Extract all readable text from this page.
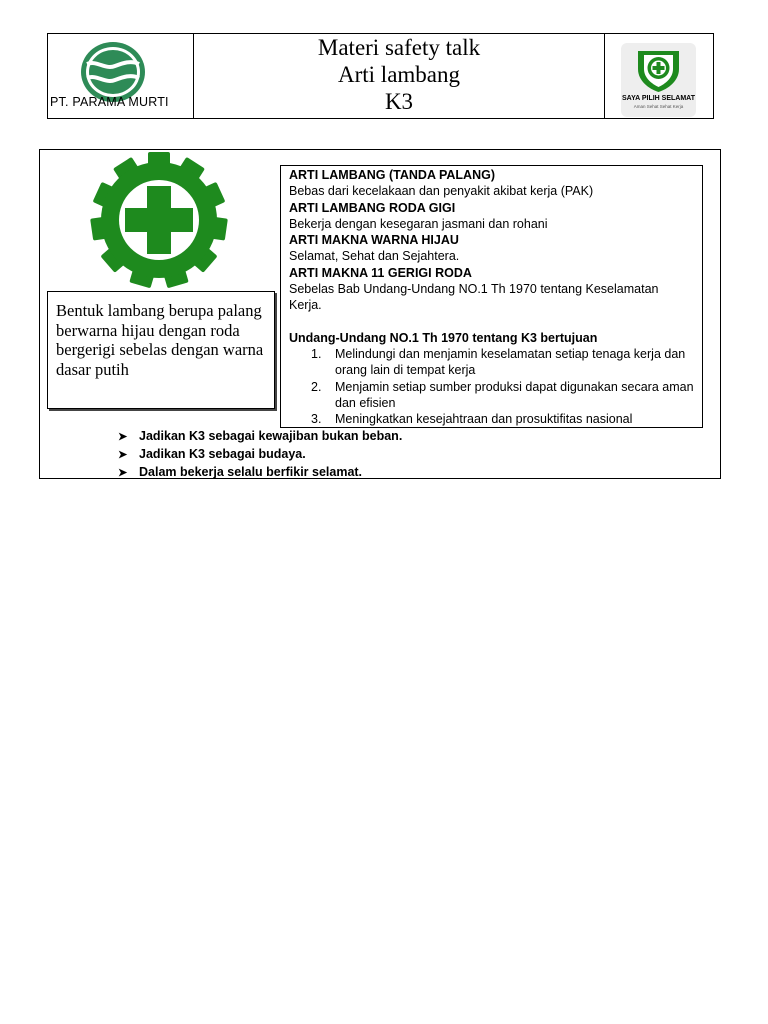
PT. PARAMA MURTI
Materi safety talk
Arti lambang
K3	SAYA PILIH SELAMAT
Aman Sehat Sehat Kerja
Bentuk lambang berupa palang berwarna hijau dengan roda bergerigi sebelas dengan warna dasar putih
ARTI LAMBANG (TANDA PALANG)
Bebas dari kecelakaan dan penyakit akibat kerja (PAK)
ARTI LAMBANG RODA GIGI
Bekerja dengan kesegaran jasmani dan rohani
ARTI MAKNA WARNA HIJAU
Selamat, Sehat dan Sejahtera.
ARTI MAKNA 11 GERIGI RODA
Sebelas Bab Undang-Undang NO.1 Th 1970 tentang Keselamatan Kerja.
Undang-Undang NO.1 Th 1970 tentang K3 bertujuan
1. Melindungi dan menjamin keselamatan setiap tenaga kerja dan orang lain di tempat kerja
2. Menjamin setiap sumber produksi dapat digunakan secara aman dan efisien
3. Meningkatkan kesejahtraan dan prosuktifitas nasional
➤ Jadikan K3 sebagai kewajiban bukan beban.
➤ Jadikan K3 sebagai budaya.
➤ Dalam bekerja selalu berfikir selamat.
